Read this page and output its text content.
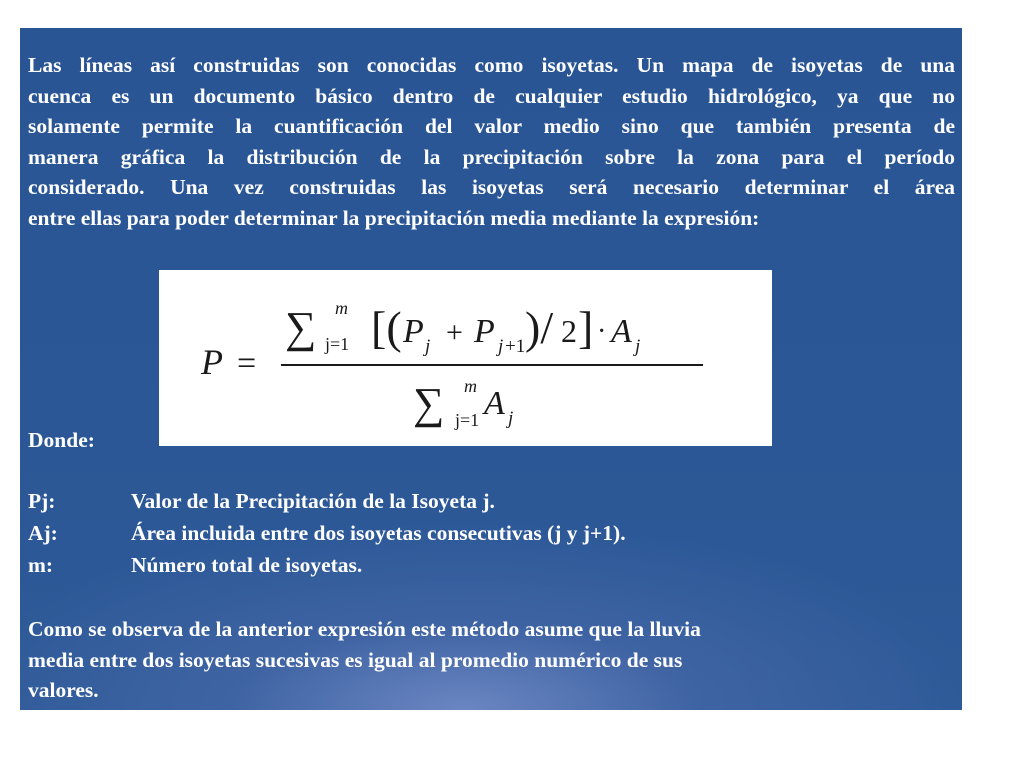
Las líneas así construidas son conocidas como isoyetas. Un mapa de isoyetas de una
cuenca es un documento básico dentro de cualquier estudio hidrológico, ya que no
solamente permite la cuantificación del valor medio sino que también presenta de
manera gráfica la distribución de la precipitación sobre la zona para el período
considerado. Una vez construidas las isoyetas será necesario determinar el área
entre ellas para poder determinar la precipitación media mediante la expresión:

P =
∑ m
j=1 [( P j + P j +1 )/ 2 ] · A j
∑ m
j=1 A j

Donde:

Pj:	Valor de la Precipitación de la Isoyeta j.
Aj:	Área incluida entre dos isoyetas consecutivas (j y j+1).
m:	Número total de isoyetas.

Como se observa de la anterior expresión este método asume que la lluvia
media entre dos isoyetas sucesivas es igual al promedio numérico de sus
valores.
